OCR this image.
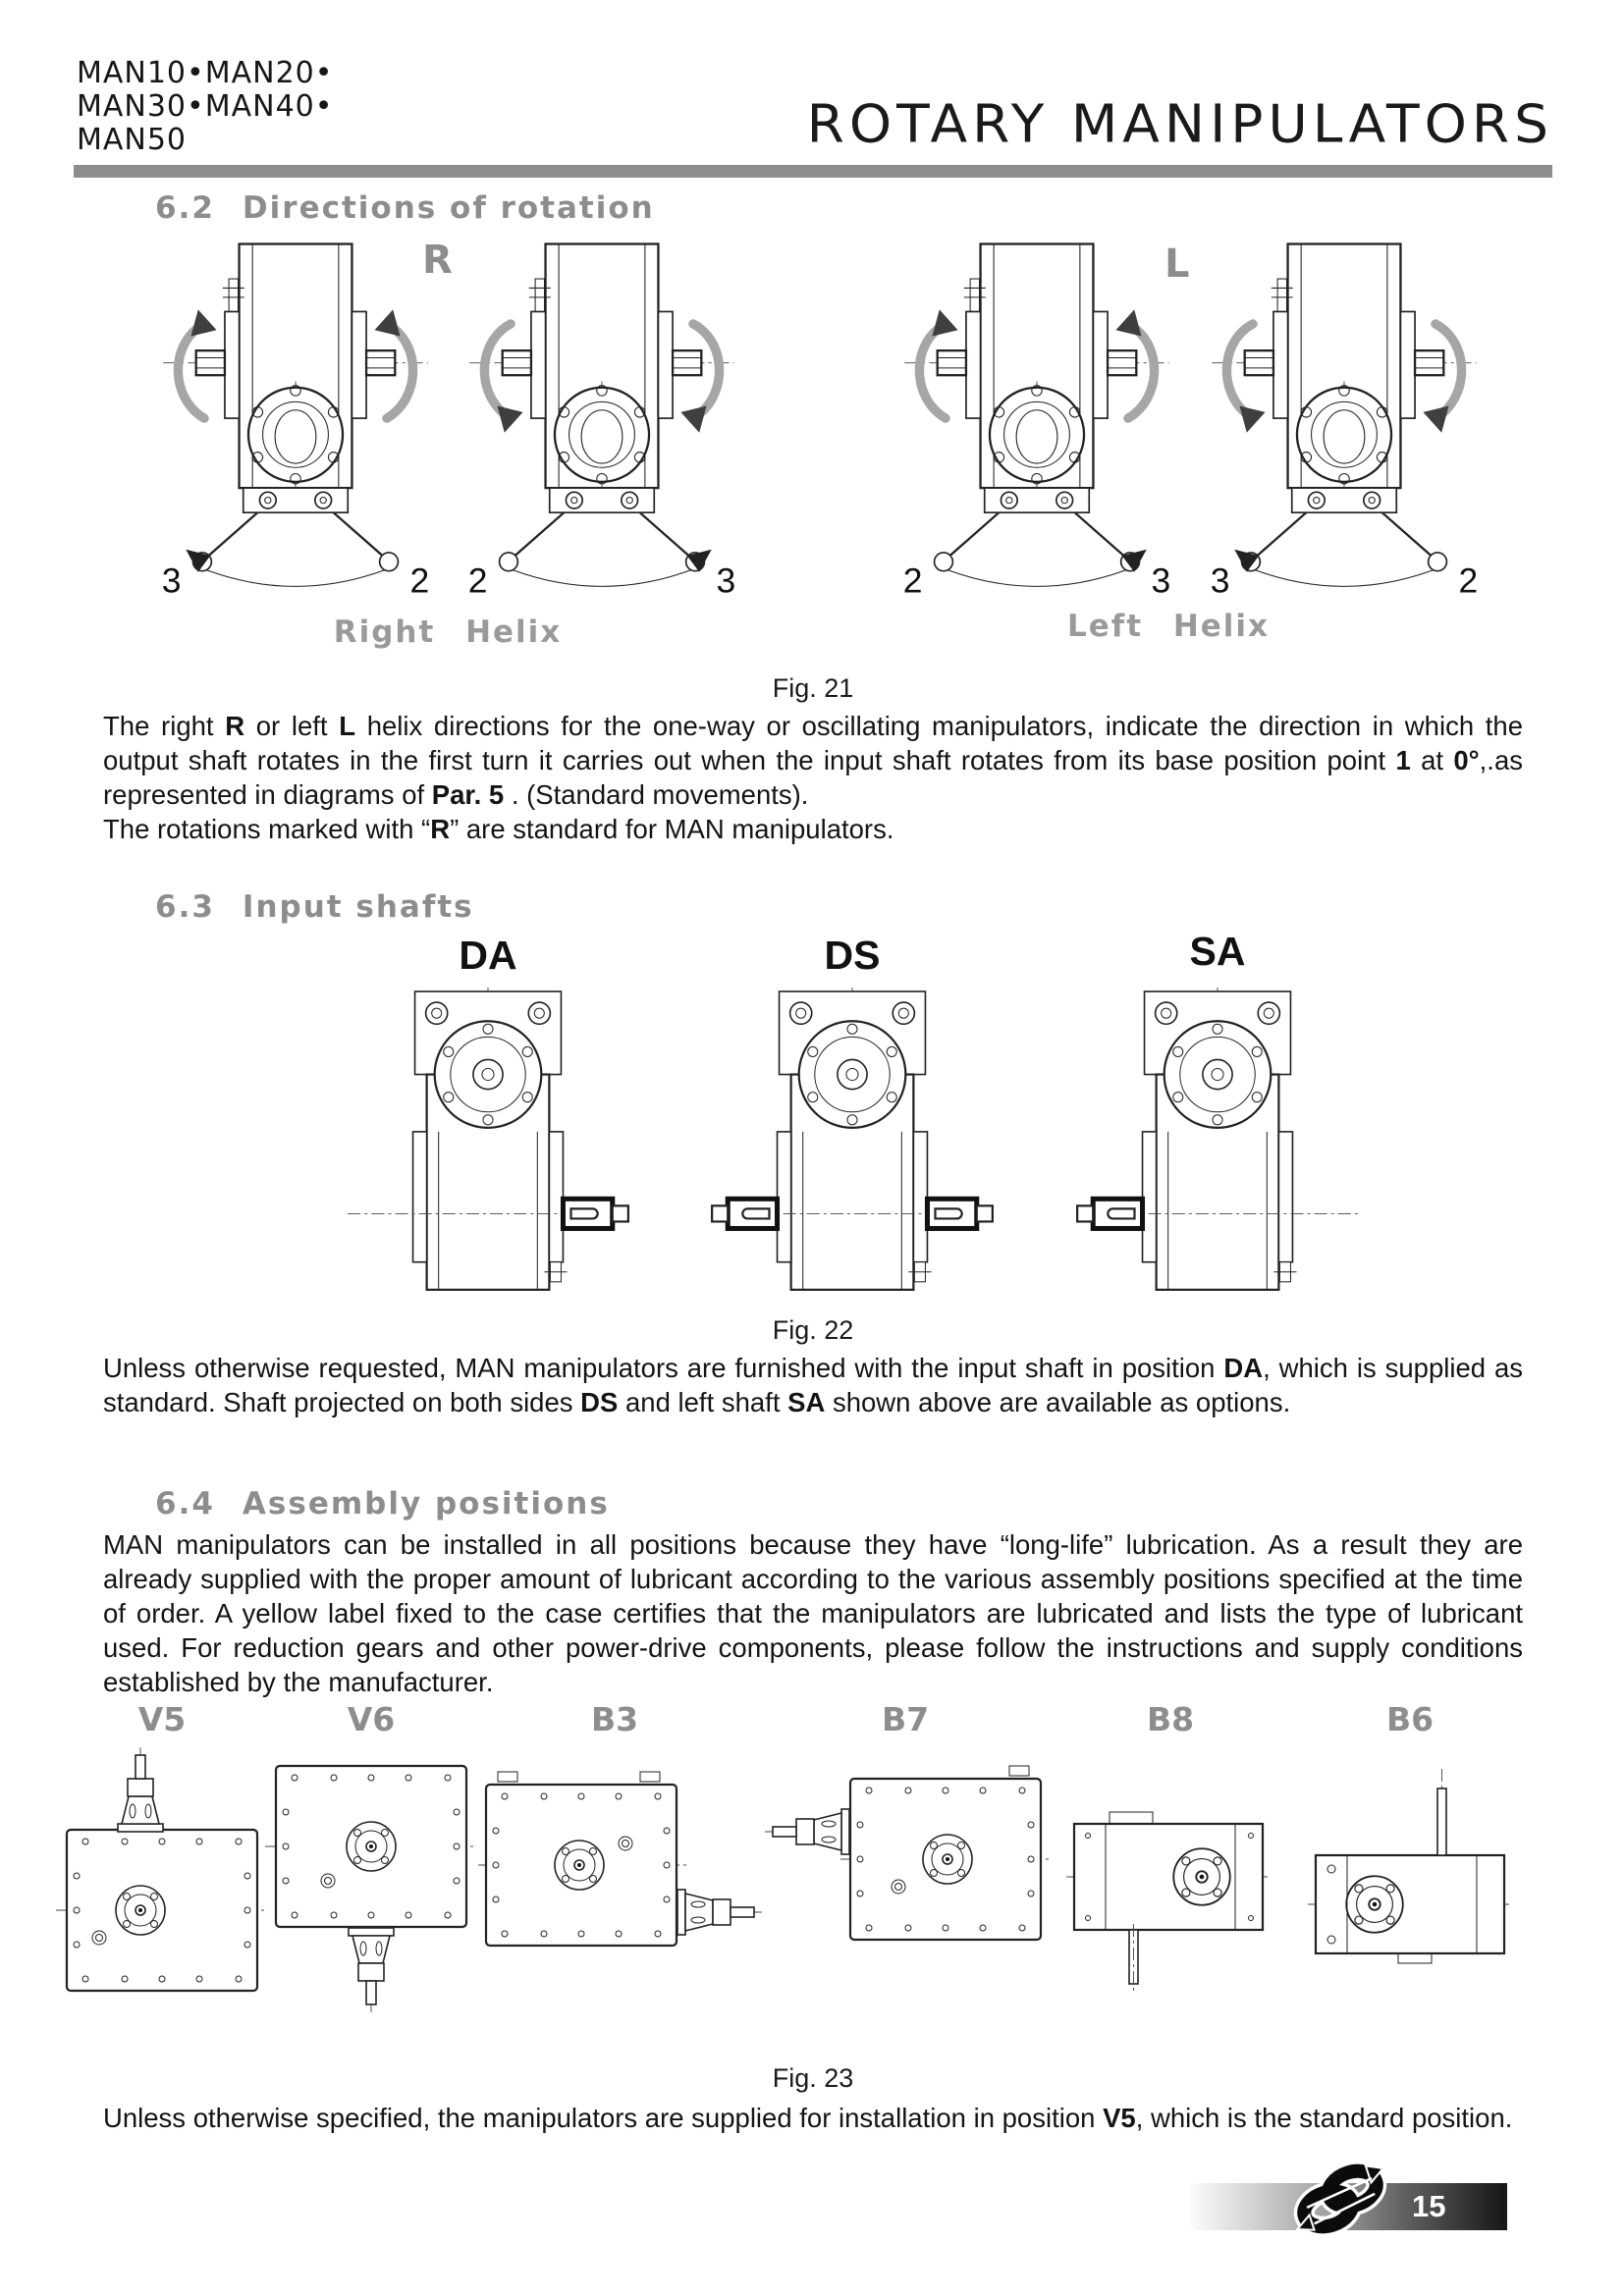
MAN10•MAN20•
MAN30•MAN40•
MAN50	ROTARY MANIPULATORS
6.2 Directions of rotation
R	L
3	2 2	3	2	3 3	2
Right Helix	Left Helix
Fig. 21
The right R or left L helix directions for the one-way or oscillating manipulators, indicate the direction in which the output shaft rotates in the first turn it carries out when the input shaft rotates from its base position point 1 at 0°,.as represented in diagrams of Par. 5 . (Standard movements).
The rotations marked with “R” are standard for MAN manipulators.
6.3 Input shafts
DA	DS	SA
Fig. 22
Unless otherwise requested, MAN manipulators are furnished with the input shaft in position DA, which is supplied as standard. Shaft projected on both sides DS and left shaft SA shown above are available as options.
6.4 Assembly positions
MAN manipulators can be installed in all positions because they have “long-life” lubrication. As a result they are already supplied with the proper amount of lubricant according to the various assembly positions specified at the time of order. A yellow label fixed to the case certifies that the manipulators are lubricated and lists the type of lubricant used. For reduction gears and other power-drive components, please follow the instructions and supply conditions established by the manufacturer.
V5	V6	B3	B7	B8	B6
Fig. 23
Unless otherwise specified, the manipulators are supplied for installation in position V5, which is the standard position.
15
